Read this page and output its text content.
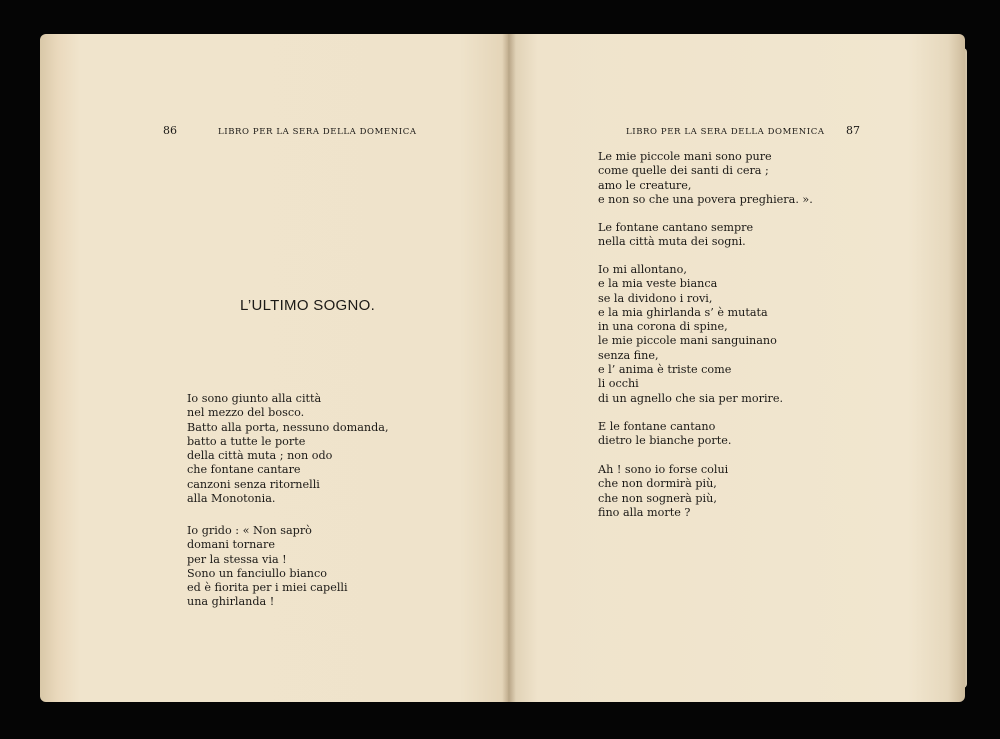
86	LIBRO PER LA SERA DELLA DOMENICA
L’ULTIMO SOGNO.
Io sono giunto alla città
nel mezzo del bosco.
Batto alla porta, nessuno domanda,
batto a tutte le porte
della città muta ; non odo
che fontane cantare
canzoni senza ritornelli
alla Monotonia.
Io grido : « Non saprò
domani tornare
per la stessa via !
Sono un fanciullo bianco
ed è fiorita per i miei capelli
una ghirlanda !
LIBRO PER LA SERA DELLA DOMENICA 87
Le mie piccole mani sono pure
come quelle dei santi di cera ;
amo le creature,
e non so che una povera preghiera. ».
Le fontane cantano sempre
nella città muta dei sogni.
Io mi allontano,
e la mia veste bianca
se la dividono i rovi,
e la mia ghirlanda s’ è mutata
in una corona di spine,
le mie piccole mani sanguinano
senza fine,
e l’ anima è triste come
li occhi
di un agnello che sia per morire.
E le fontane cantano
dietro le bianche porte.
Ah ! sono io forse colui
che non dormirà più,
che non sognerà più,
fino alla morte ?
